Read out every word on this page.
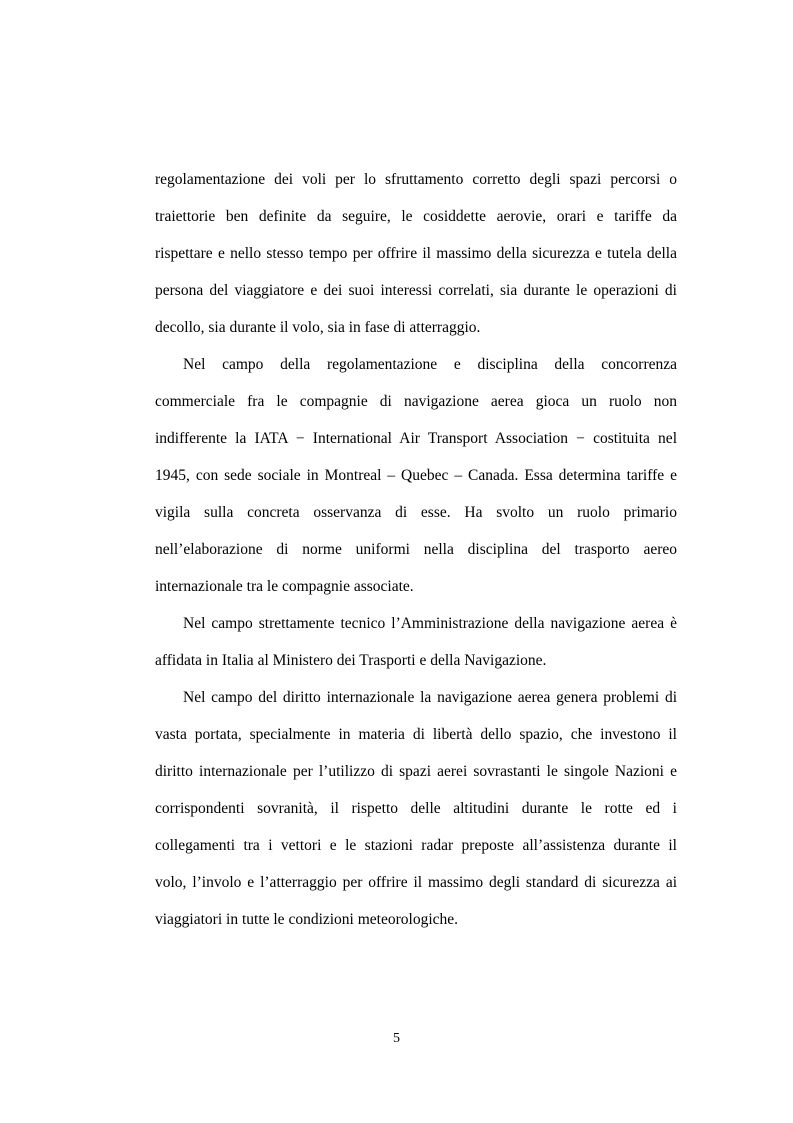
regolamentazione dei voli per lo sfruttamento corretto degli spazi percorsi o
traiettorie ben definite da seguire, le cosiddette aerovie, orari e tariffe da
rispettare e nello stesso tempo per offrire il massimo della sicurezza e tutela della
persona del viaggiatore e dei suoi interessi correlati, sia durante le operazioni di
decollo, sia durante il volo, sia in fase di atterraggio.
Nel campo della regolamentazione e disciplina della concorrenza
commerciale fra le compagnie di navigazione aerea gioca un ruolo non
indifferente la IATA − International Air Transport Association − costituita nel
1945, con sede sociale in Montreal – Quebec – Canada. Essa determina tariffe e
vigila sulla concreta osservanza di esse. Ha svolto un ruolo primario
nell’elaborazione di norme uniformi nella disciplina del trasporto aereo
internazionale tra le compagnie associate.
Nel campo strettamente tecnico l’Amministrazione della navigazione aerea è
affidata in Italia al Ministero dei Trasporti e della Navigazione.
Nel campo del diritto internazionale la navigazione aerea genera problemi di
vasta portata, specialmente in materia di libertà dello spazio, che investono il
diritto internazionale per l’utilizzo di spazi aerei sovrastanti le singole Nazioni e
corrispondenti sovranità, il rispetto delle altitudini durante le rotte ed i
collegamenti tra i vettori e le stazioni radar preposte all’assistenza durante il
volo, l’involo e l’atterraggio per offrire il massimo degli standard di sicurezza ai
viaggiatori in tutte le condizioni meteorologiche.
5
